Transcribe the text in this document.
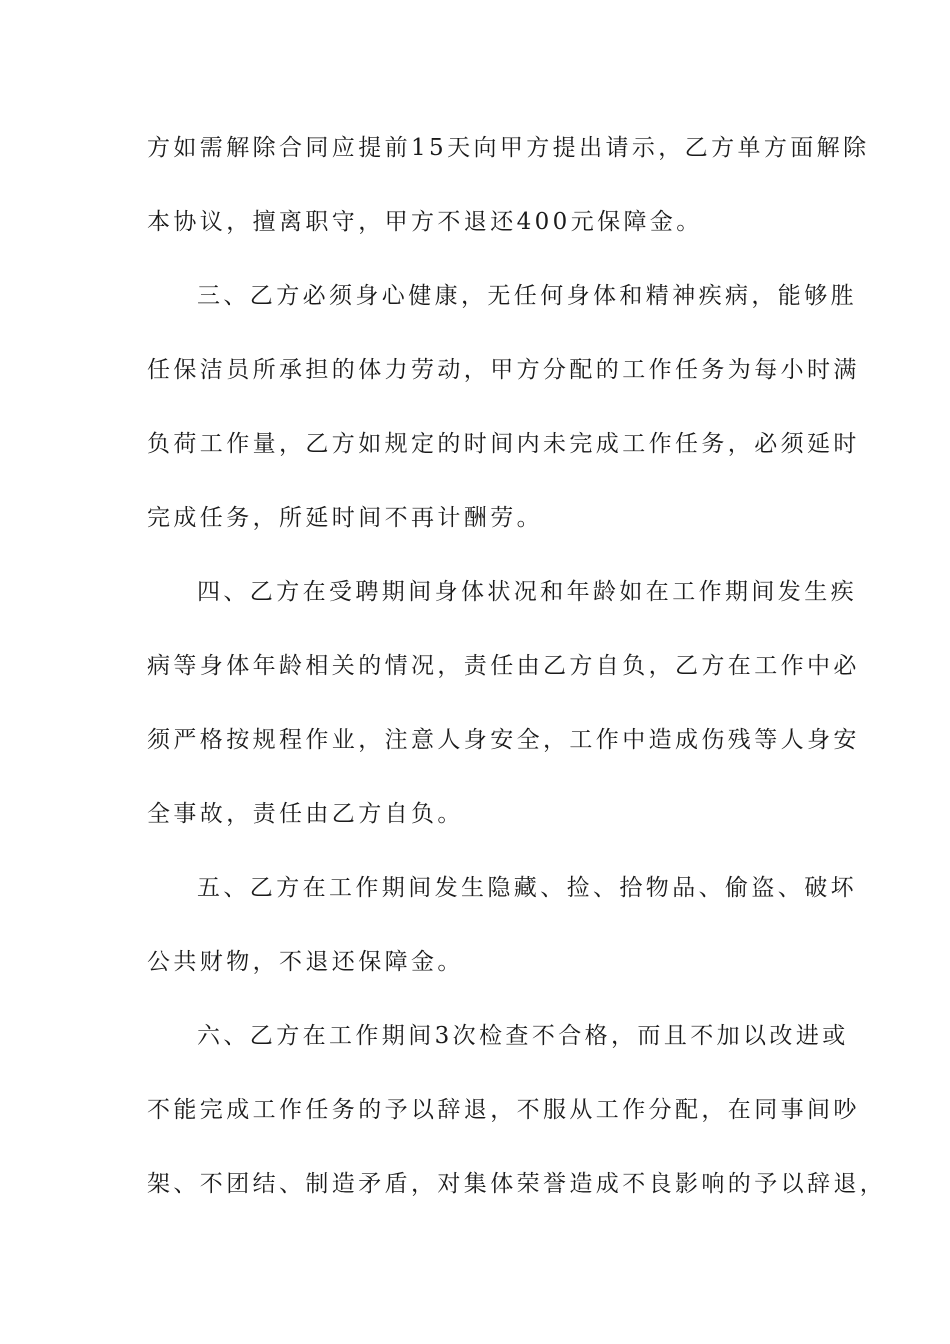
方如需解除合同应提前15天向甲方提出请示，乙方单方面解除
本协议，擅离职守，甲方不退还400元保障金。
三、乙方必须身心健康，无任何身体和精神疾病，能够胜
任保洁员所承担的体力劳动，甲方分配的工作任务为每小时满
负荷工作量，乙方如规定的时间内未完成工作任务，必须延时
完成任务，所延时间不再计酬劳。
四、乙方在受聘期间身体状况和年龄如在工作期间发生疾
病等身体年龄相关的情况，责任由乙方自负，乙方在工作中必
须严格按规程作业，注意人身安全，工作中造成伤残等人身安
全事故，责任由乙方自负。
五、乙方在工作期间发生隐藏、捡、拾物品、偷盗、破坏
公共财物，不退还保障金。
六、乙方在工作期间3次检查不合格，而且不加以改进或
不能完成工作任务的予以辞退，不服从工作分配，在同事间吵
架、不团结、制造矛盾，对集体荣誉造成不良影响的予以辞退，
